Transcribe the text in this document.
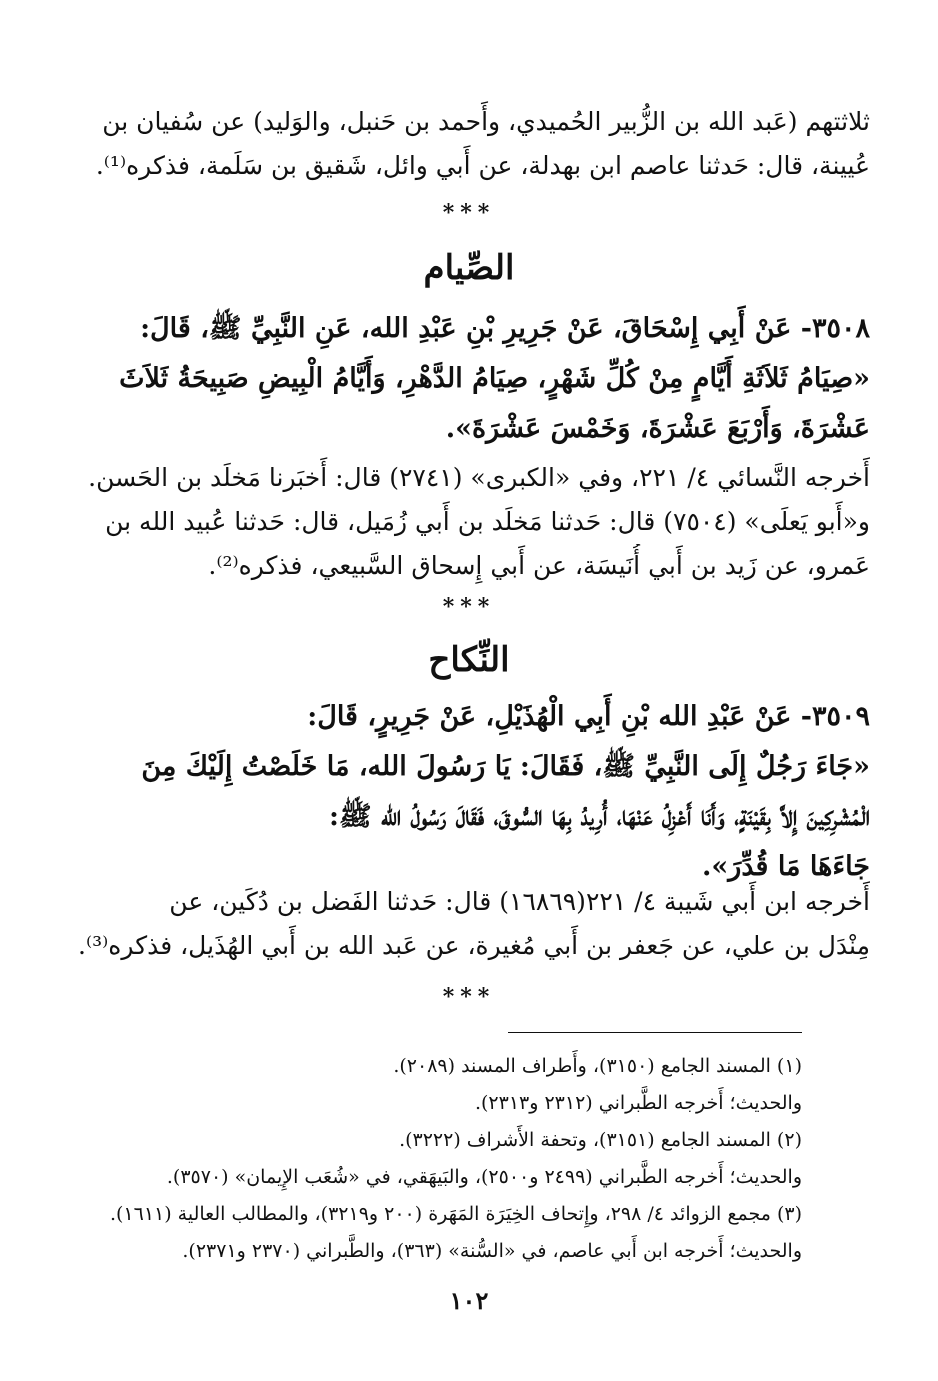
ثلاثتهم (عَبد الله بن الزُّبير الحُميدي، وأَحمد بن حَنبل، والوَليد) عن سُفيان بن
عُيينة، قال: حَدثنا عاصم ابن بهدلة، عن أَبي وائل، شَقيق بن سَلَمة، فذكره⁽¹⁾.
***
الصِّيام
٣٥٠٨- عَنْ أَبِي إِسْحَاقَ، عَنْ جَرِيرِ بْنِ عَبْدِ الله، عَنِ النَّبِيِّ ﷺ، قَالَ:
«صِيَامُ ثَلاَثَةِ أَيَّامٍ مِنْ كُلِّ شَهْرٍ، صِيَامُ الدَّهْرِ، وَأَيَّامُ الْبِيضِ صَبِيحَةُ ثَلاَثَ
عَشْرَةَ، وَأَرْبَعَ عَشْرَةَ، وَخَمْسَ عَشْرَةَ».
أَخرجه النَّسائي ٤/ ٢٢١، وفي «الكبرى» (٢٧٤١) قال: أَخبَرنا مَخلَد بن الحَسن.
و«أَبو يَعلَى» (٧٥٠٤) قال: حَدثنا مَخلَد بن أَبي زُمَيل، قال: حَدثنا عُبيد الله بن
عَمرو، عن زَيد بن أَبي أُنَيسَة، عن أَبي إِسحاق السَّبيعي، فذكره⁽²⁾.
***
النِّكاح
٣٥٠٩- عَنْ عَبْدِ الله بْنِ أَبِي الْهُذَيْلِ، عَنْ جَرِيرٍ، قَالَ:
«جَاءَ رَجُلٌ إِلَى النَّبِيِّ ﷺ، فَقَالَ: يَا رَسُولَ الله، مَا خَلَصْتُ إِلَيْكَ مِنَ
الْمُشْرِكِينَ إِلاَّ بِقَيْنَةٍ، وَأَنَا أَعْزِلُ عَنْهَا، أُرِيدُ بِهَا السُّوقَ، فَقَالَ رَسُولُ الله ﷺ:
جَاءَهَا مَا قُدِّرَ».
أَخرجه ابن أَبي شَيبة ٤/ ٢٢١(١٦٨٦٩) قال: حَدثنا الفَضل بن دُكَين، عن
مِنْدَل بن علي، عن جَعفر بن أَبي مُغيرة، عن عَبد الله بن أَبي الهُذَيل، فذكره⁽³⁾.
***
(١) المسند الجامع (٣١٥٠)، وأَطراف المسند (٢٠٨٩).
والحديث؛ أَخرجه الطَّبراني (٢٣١٢ و٢٣١٣).
(٢) المسند الجامع (٣١٥١)، وتحفة الأَشراف (٣٢٢٢).
والحديث؛ أَخرجه الطَّبراني (٢٤٩٩ و٢٥٠٠)، والبَيهَقي، في «شُعَب الإِيمان» (٣٥٧٠).
(٣) مجمع الزوائد ٤/ ٢٩٨، وإِتحاف الخِيَرَة المَهَرة (٢٠٠ و٣٢١٩)، والمطالب العالية (١٦١١).
والحديث؛ أَخرجه ابن أَبي عاصم، في «السُّنة» (٣٦٣)، والطَّبراني (٢٣٧٠ و٢٣٧١).
١٠٢
